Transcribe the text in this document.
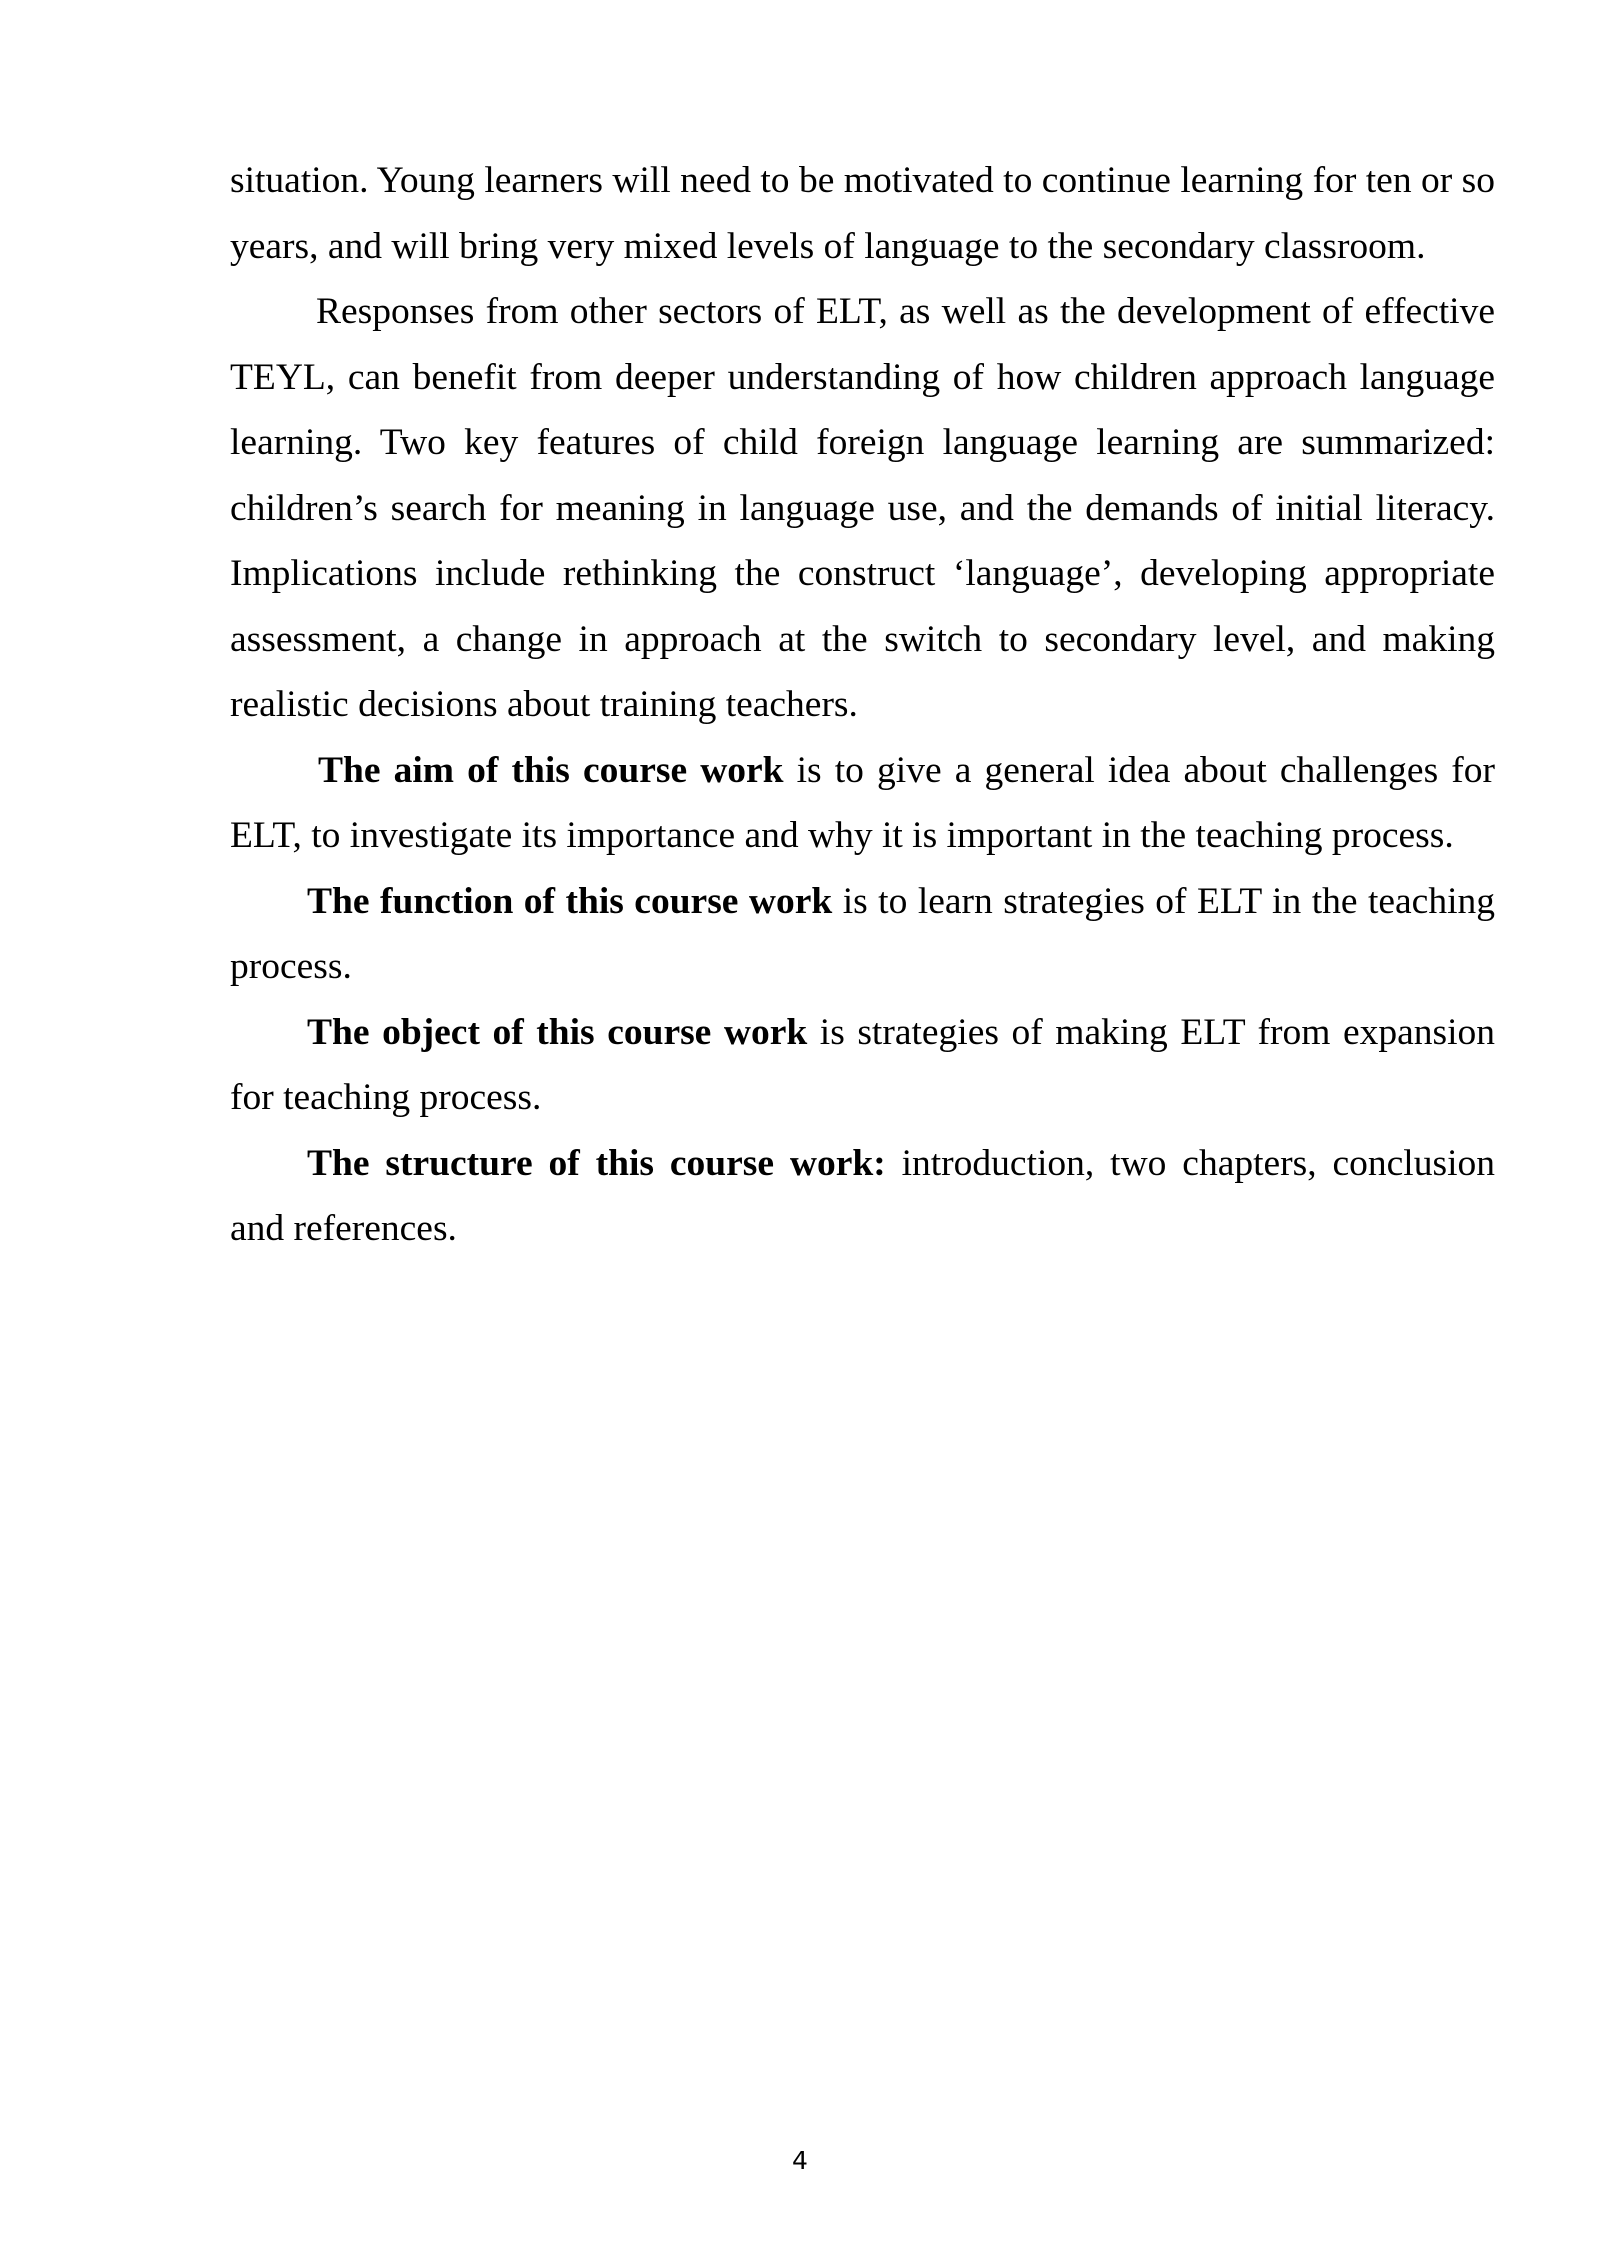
situation. Young learners will need to be motivated to continue learning for ten or so years, and will bring very mixed levels of language to the secondary classroom.

Responses from other sectors of ELT, as well as the development of effective TEYL, can benefit from deeper understanding of how children approach language learning. Two key features of child foreign language learning are summarized: children’s search for meaning in language use, and the demands of initial literacy. Implications include rethinking the construct ‘language’, developing appropriate assessment, a change in approach at the switch to secondary level, and making realistic decisions about training teachers.

The aim of this course work is to give a general idea about challenges for ELT, to investigate its importance and why it is important in the teaching process.

The function of this course work is to learn strategies of ELT in the teaching process.

The object of this course work is strategies of making ELT from expansion for teaching process.

The structure of this course work: introduction, two chapters, conclusion and references.

4
